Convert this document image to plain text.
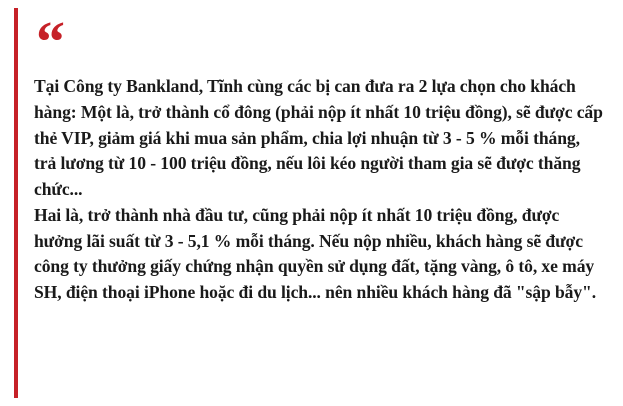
“

Tại Công ty Bankland, Tĩnh cùng các bị can đưa ra 2 lựa chọn cho khách hàng: Một là, trở thành cổ đông (phải nộp ít nhất 10 triệu đồng), sẽ được cấp thẻ VIP, giảm giá khi mua sản phẩm, chia lợi nhuận từ 3 - 5 % mỗi tháng, trả lương từ 10 - 100 triệu đồng, nếu lôi kéo người tham gia sẽ được thăng chức...

Hai là, trở thành nhà đầu tư, cũng phải nộp ít nhất 10 triệu đồng, được hưởng lãi suất từ 3 - 5,1 % mỗi tháng. Nếu nộp nhiều, khách hàng sẽ được công ty thưởng giấy chứng nhận quyền sử dụng đất, tặng vàng, ô tô, xe máy SH, điện thoại iPhone hoặc đi du lịch... nên nhiều khách hàng đã "sập bẫy".
